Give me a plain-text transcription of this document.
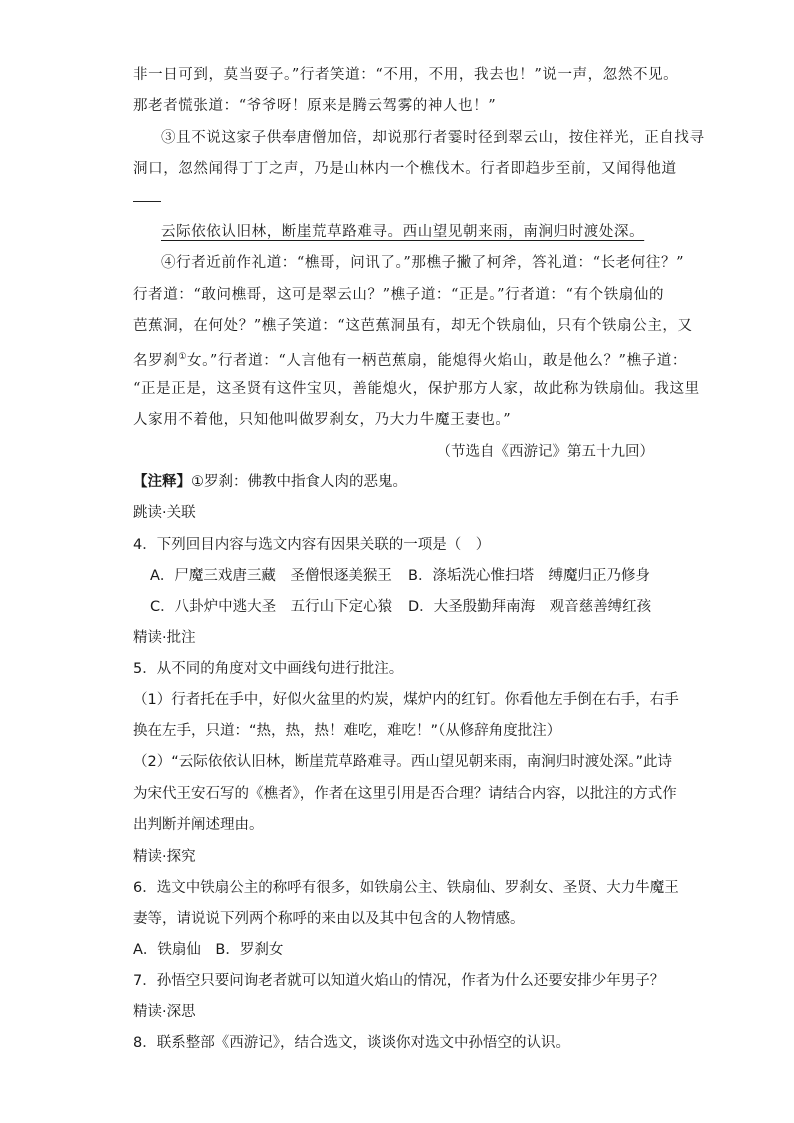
非一日可到，莫当耍子。”行者笑道：“不用，不用，我去也！”说一声，忽然不见。

那老者慌张道：“爷爷呀！原来是腾云驾雾的神人也！”

③且不说这家子供奉唐僧加倍，却说那行者霎时径到翠云山，按住祥光，正自找寻

洞口，忽然闻得丁丁之声，乃是山林内一个樵伐木。行者即趋步至前，又闻得他道

云际依依认旧林，断崖荒草路难寻。西山望见朝来雨，南涧归时渡处深。

④行者近前作礼道：“樵哥，问讯了。”那樵子撇了柯斧，答礼道：“长老何往？”

行者道：“敢问樵哥，这可是翠云山？”樵子道：“正是。”行者道：“有个铁扇仙的

芭蕉洞，在何处？”樵子笑道：“这芭蕉洞虽有，却无个铁扇仙，只有个铁扇公主，又

名罗刹①女。”行者道：“人言他有一柄芭蕉扇，能熄得火焰山，敢是他么？”樵子道：

“正是正是，这圣贤有这件宝贝，善能熄火，保护那方人家，故此称为铁扇仙。我这里

人家用不着他，只知他叫做罗刹女，乃大力牛魔王妻也。”

（节选自《西游记》第五十九回）

【注释】①罗刹：佛教中指食人肉的恶鬼。

跳读·关联

4．下列回目内容与选文内容有因果关联的一项是（　）

A．尸魔三戏唐三藏　圣僧恨逐美猴王 B．涤垢洗心惟扫塔　缚魔归正乃修身

C．八卦炉中逃大圣　五行山下定心猿 D．大圣殷勤拜南海　观音慈善缚红孩

精读·批注

5．从不同的角度对文中画线句进行批注。

（1）行者托在手中，好似火盆里的灼炭，煤炉内的红钉。你看他左手倒在右手，右手

换在左手，只道：“热，热，热！难吃，难吃！”（从修辞角度批注）

（2）“云际依依认旧林，断崖荒草路难寻。西山望见朝来雨，南涧归时渡处深。”此诗

为宋代王安石写的《樵者》，作者在这里引用是否合理？请结合内容，以批注的方式作

出判断并阐述理由。

精读·探究

6．选文中铁扇公主的称呼有很多，如铁扇公主、铁扇仙、罗刹女、圣贤、大力牛魔王

妻等，请说说下列两个称呼的来由以及其中包含的人物情感。

A．铁扇仙　B．罗刹女

7．孙悟空只要问询老者就可以知道火焰山的情况，作者为什么还要安排少年男子？

精读·深思

8．联系整部《西游记》，结合选文，谈谈你对选文中孙悟空的认识。
